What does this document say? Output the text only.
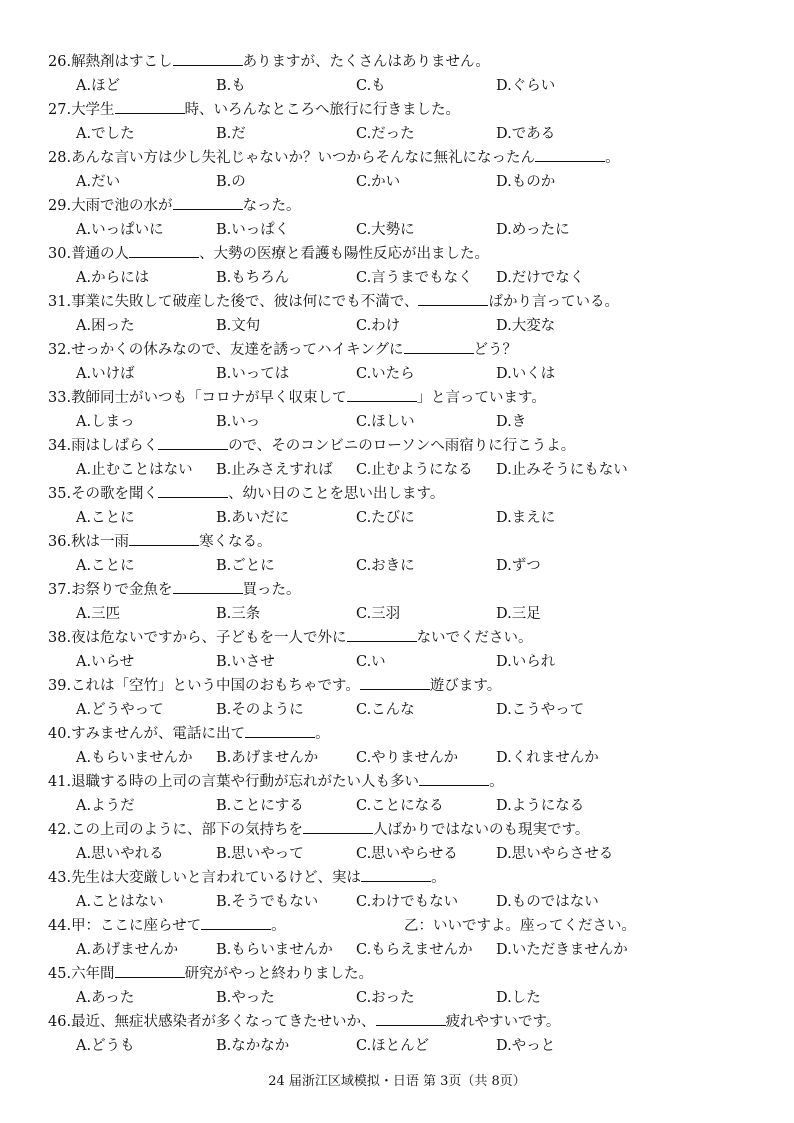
26.解熱剤はすこし	ありますが、たくさんはありません。
A.ほど	B.も	C.も	D.ぐらい
27.大学生	時、いろんなところへ旅行に行きました。
A.でした	B.だ	C.だった	D.である
28.あんな言い方は少し失礼じゃないか？いつからそんなに無礼になったん	。
A.だい	B.の	C.かい	D.ものか
29.大雨で池の水が	なった。
A.いっぱいに	B.いっぱく	C.大勢に	D.めったに
30.普通の人	、大勢の医療と看護も陽性反応が出ました。
A.からには	B.もちろん	C.言うまでもなく D.だけでなく
31.事業に失敗して破産した後で、彼は何にでも不満で、	ばかり言っている。
A.困った	B.文句	C.わけ	D.大変な
32.せっかくの休みなので、友達を誘ってハイキングに	どう？
A.いけば	B.いっては	C.いたら	D.いくは
33.教師同士がいつも「コロナが早く収束して	」と言っています。
A.しまっ	B.いっ	C.ほしい	D.き
34.雨はしばらく	ので、そのコンビニのローソンへ雨宿りに行こうよ。
A.止むことはない B.止みさえすれば C.止むようになる D.止みそうにもない
35.その歌を聞く	、幼い日のことを思い出します。
A.ことに	B.あいだに	C.たびに	D.まえに
36.秋は一雨	寒くなる。
A.ことに	B.ごとに	C.おきに	D.ずつ
37.お祭りで金魚を	買った。
A.三匹	B.三条	C.三羽	D.三足
38.夜は危ないですから、子どもを一人で外に	ないでください。
A.いらせ	B.いさせ	C.い	D.いられ
39.これは「空竹」という中国のおもちゃです。	遊びます。
A.どうやって	B.そのように	C.こんな	D.こうやって
40.すみませんが、電話に出て	。
A.もらいませんか B.あげませんか	C.やりませんか	D.くれませんか
41.退職する時の上司の言葉や行動が忘れがたい人も多い	。
A.ようだ	B.ことにする	C.ことになる	D.ようになる
42.この上司のように、部下の気持ちを	人ばかりではないのも現実です。
A.思いやれる	B.思いやって	C.思いやらせる	D.思いやらさせる
43.先生は大変厳しいと言われているけど、実は	。
A.ことはない	B.そうでもない	C.わけでもない	D.ものではない
44.甲：ここに座らせて	。	乙：いいですよ。座ってください。
A.あげませんか	B.もらいませんか C.もらえませんか D.いただきませんか
45.六年間	研究がやっと終わりました。
A.あった	B.やった	C.おった	D.した
46.最近、無症状感染者が多くなってきたせいか、	疲れやすいです。
A.どうも	B.なかなか	C.ほとんど	D.やっと
24 届浙江区域模拟・日语 第 3页（共 8页）
